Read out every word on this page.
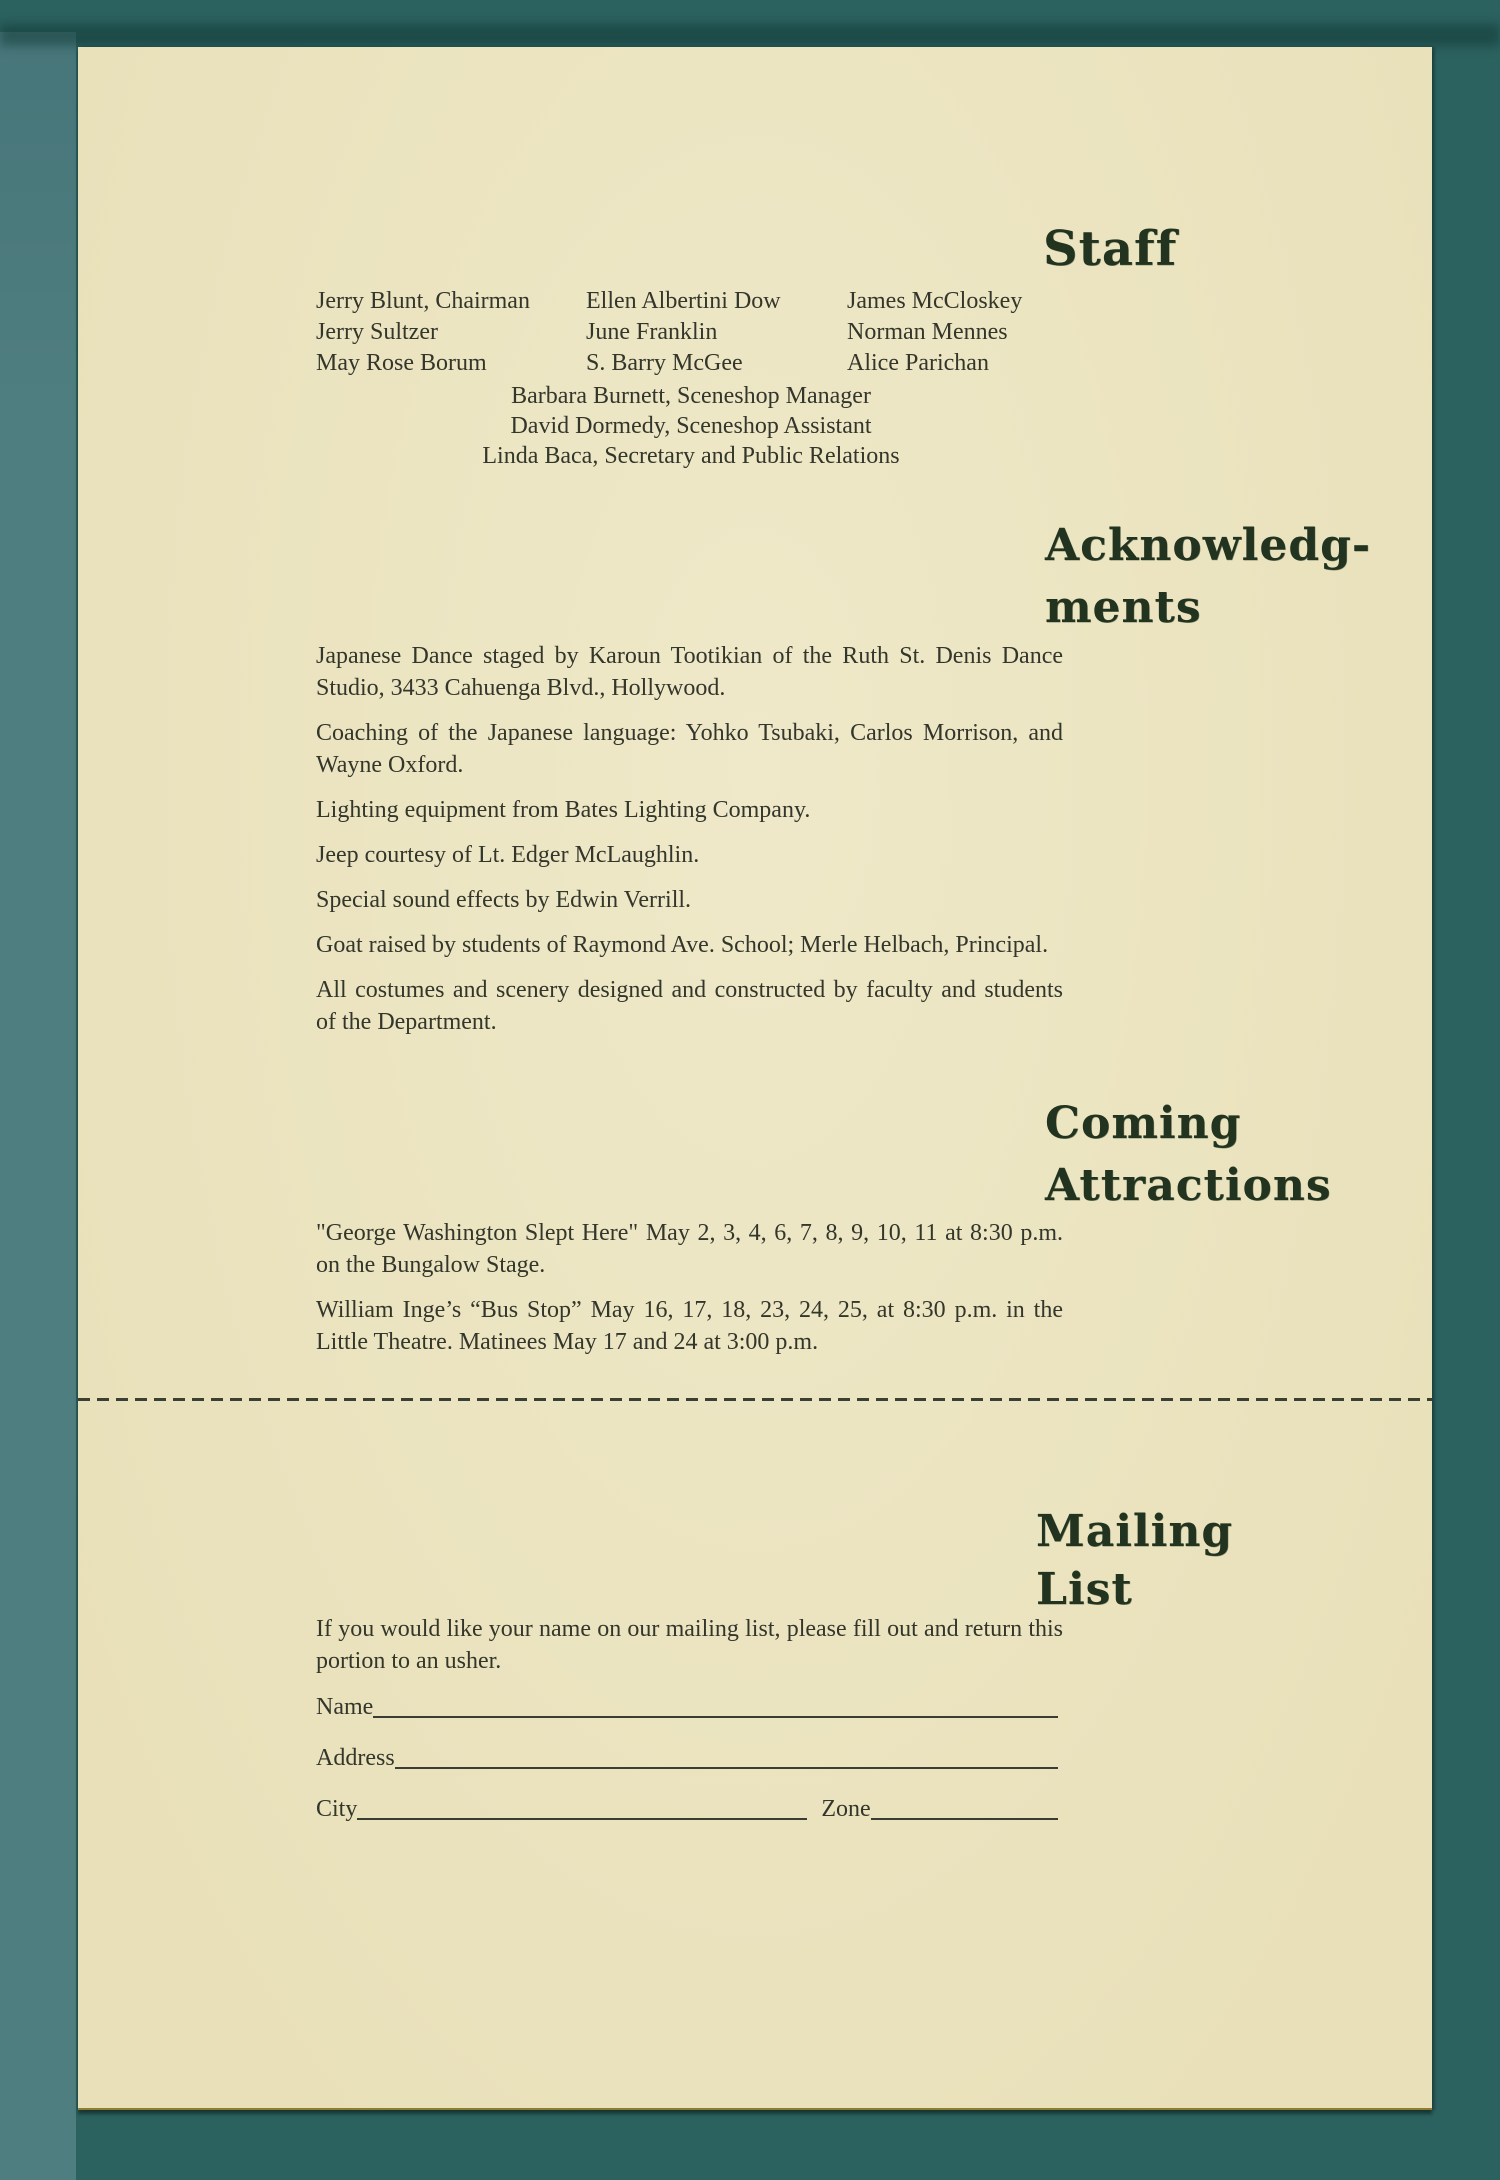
Staff
Jerry Blunt, Chairman
Jerry Sultzer
May Rose Borum
Ellen Albertini Dow
June Franklin
S. Barry McGee
James McCloskey
Norman Mennes
Alice Parichan
Barbara Burnett, Sceneshop Manager
David Dormedy, Sceneshop Assistant
Linda Baca, Secretary and Public Relations
Acknowledg-
ments

Japanese Dance staged by Karoun Tootikian of the Ruth St. Denis Dance Studio, 3433 Cahuenga Blvd., Hollywood.

Coaching of the Japanese language: Yohko Tsubaki, Carlos Morrison, and Wayne Oxford.

Lighting equipment from Bates Lighting Company.

Jeep courtesy of Lt. Edger McLaughlin.

Special sound effects by Edwin Verrill.

Goat raised by students of Raymond Ave. School; Merle Helbach, Principal.

All costumes and scenery designed and constructed by faculty and students of the Department.

Coming
Attractions

"George Washington Slept Here" May 2, 3, 4, 6, 7, 8, 9, 10, 11 at 8:30 p.m. on the Bungalow Stage.

William Inge’s “Bus Stop” May 16, 17, 18, 23, 24, 25, at 8:30 p.m. in the Little Theatre. Matinees May 17 and 24 at 3:00 p.m.

Mailing
List

If you would like your name on our mailing list, please fill out and return this portion to an usher.

Name
Address
City	Zone
